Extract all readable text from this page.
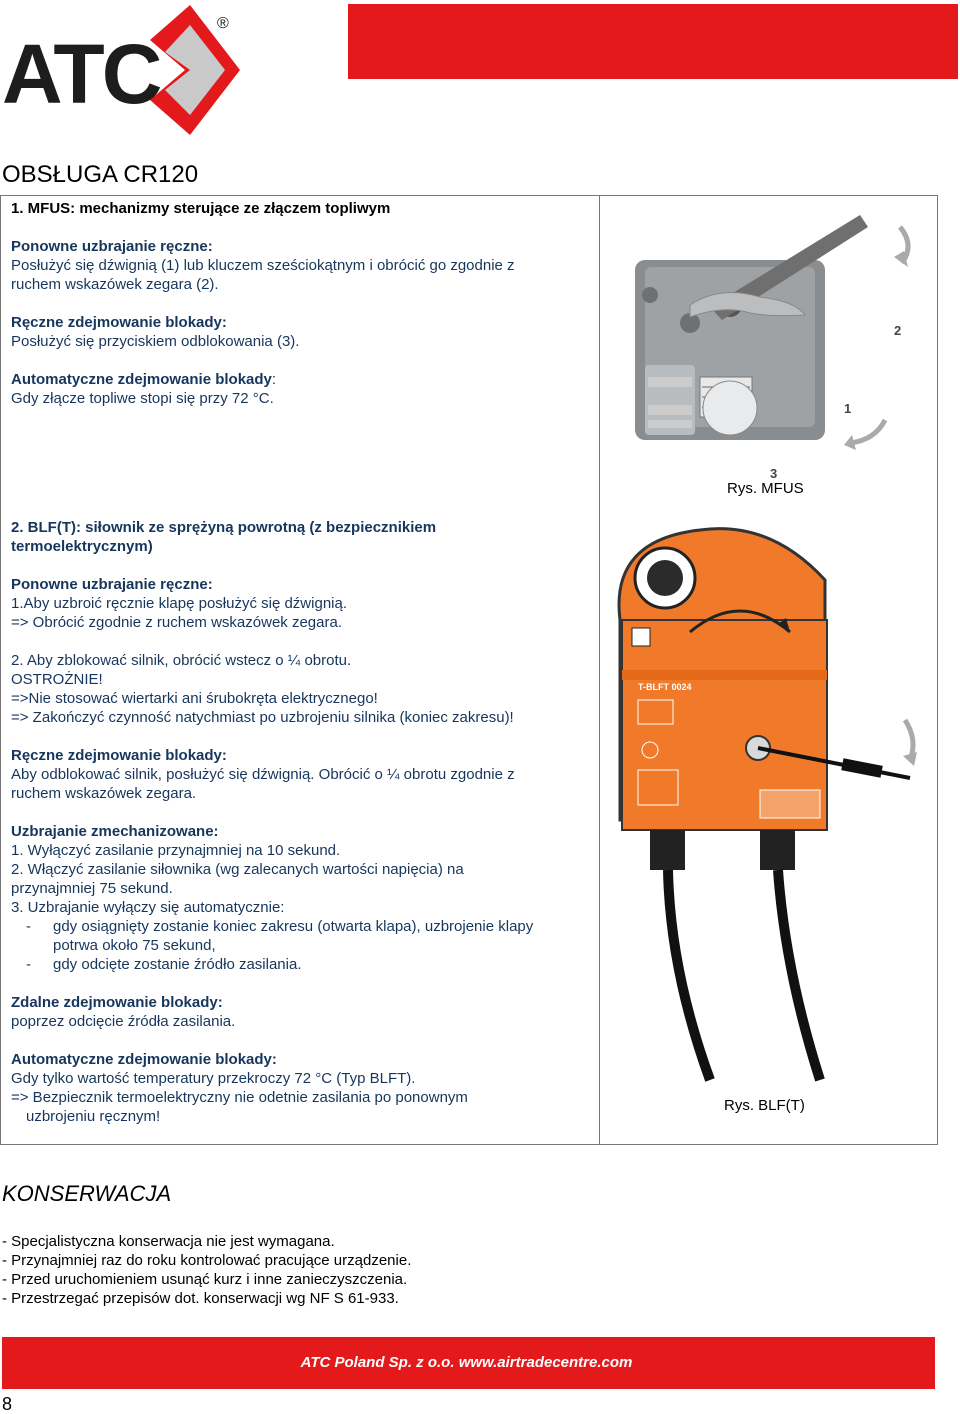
ATC
®
OBSŁUGA CR120
1. MFUS: mechanizmy sterujące ze złączem topliwym
Ponowne uzbrajanie ręczne:
Posłużyć się dźwignią (1) lub kluczem sześciokątnym i obrócić go zgodnie z
ruchem wskazówek zegara (2).
Ręczne zdejmowanie blokady:
Posłużyć się przyciskiem odblokowania (3).
Automatyczne zdejmowanie blokady:
Gdy złącze topliwe stopi się przy 72 °C.
2
1
3
Rys. MFUS
2. BLF(T): siłownik ze sprężyną powrotną (z bezpiecznikiem
termoelektrycznym)
Ponowne uzbrajanie ręczne:
1.Aby uzbroić ręcznie klapę posłużyć się dźwignią.
=> Obrócić zgodnie z ruchem wskazówek zegara.
2. Aby zblokować silnik, obrócić wstecz o ¼ obrotu.
OSTROŻNIE!
=>Nie stosować wiertarki ani śrubokręta elektrycznego!
=> Zakończyć czynność natychmiast po uzbrojeniu silnika (koniec zakresu)!
Ręczne zdejmowanie blokady:
Aby odblokować silnik, posłużyć się dźwignią. Obrócić o ¼ obrotu zgodnie z
ruchem wskazówek zegara.
Uzbrajanie zmechanizowane:
1. Wyłączyć zasilanie przynajmniej na 10 sekund.
2. Włączyć zasilanie siłownika (wg zalecanych wartości napięcia) na
przynajmniej 75 sekund.
3. Uzbrajanie wyłączy się automatycznie:
- gdy osiągnięty zostanie koniec zakresu (otwarta klapa), uzbrojenie klapy
potrwa około 75 sekund,
- gdy odcięte zostanie źródło zasilania.
Zdalne zdejmowanie blokady:
poprzez odcięcie źródła zasilania.
Automatyczne zdejmowanie blokady:
Gdy tylko wartość temperatury przekroczy 72 °C (Typ BLFT).
=> Bezpiecznik termoelektryczny nie odetnie zasilania po ponownym
uzbrojeniu ręcznym!
T-BLFT 0024
Rys. BLF(T)
KONSERWACJA
- Specjalistyczna konserwacja nie jest wymagana.
- Przynajmniej raz do roku kontrolować pracujące urządzenie.
- Przed uruchomieniem usunąć kurz i inne zanieczyszczenia.
- Przestrzegać przepisów dot. konserwacji wg NF S 61-933.
ATC Poland Sp. z o.o. www.airtradecentre.com
8
